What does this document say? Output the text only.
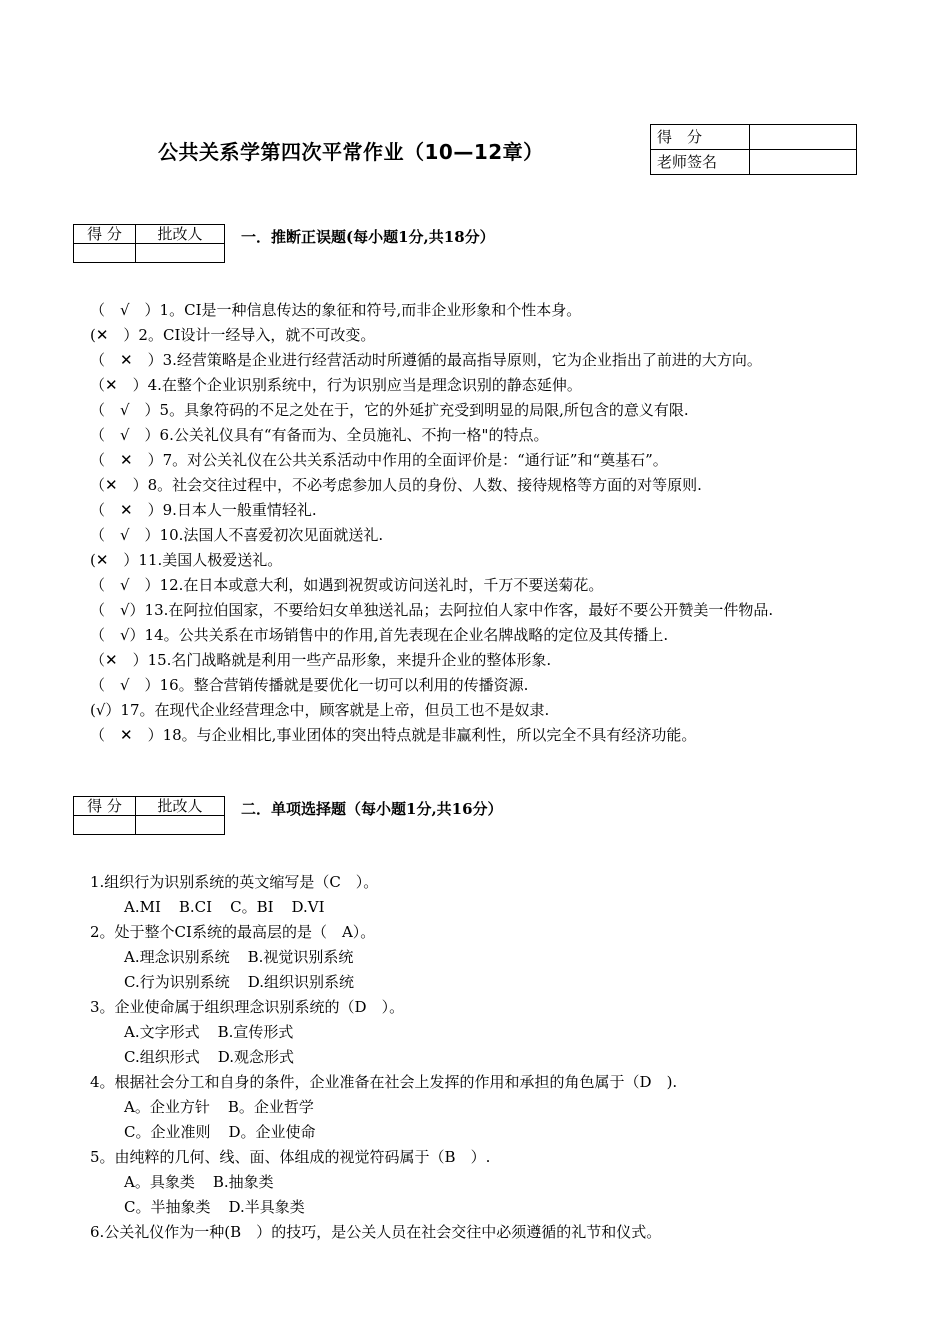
公共关系学第四次平常作业（10—12章）
得　分	
老师签名	
得 分	批改人
		一．推断正误题(每小题1分,共18分）
（　√　）1。CI是一种信息传达的象征和符号,而非企业形象和个性本身。
(✕　）2。CI设计一经导入，就不可改变。
（　✕　）3.经营策略是企业进行经营活动时所遵循的最高指导原则，它为企业指出了前进的大方向。
（✕　）4.在整个企业识别系统中，行为识别应当是理念识别的静态延伸。
（　√　）5。具象符码的不足之处在于，它的外延扩充受到明显的局限,所包含的意义有限.
（　√　）6.公关礼仪具有“有备而为、全员施礼、不拘一格"的特点。
（　✕　）7。对公关礼仪在公共关系活动中作用的全面评价是：“通行证”和“奠基石”。
（✕　）8。社会交往过程中，不必考虑参加人员的身份、人数、接待规格等方面的对等原则.
（　✕　）9.日本人一般重情轻礼.
（　√　）10.法国人不喜爱初次见面就送礼.
(✕　）11.美国人极爱送礼。
（　√　）12.在日本或意大利，如遇到祝贺或访问送礼时，千万不要送菊花。
（　√）13.在阿拉伯国家，不要给妇女单独送礼品；去阿拉伯人家中作客，最好不要公开赞美一件物品.
（　√）14。公共关系在市场销售中的作用,首先表现在企业名牌战略的定位及其传播上.
（✕　）15.名门战略就是利用一些产品形象，来提升企业的整体形象.
（　√　）16。整合营销传播就是要优化一切可以利用的传播资源.
(√）17。在现代企业经营理念中，顾客就是上帝，但员工也不是奴隶.
（　✕　）18。与企业相比,事业团体的突出特点就是非赢利性，所以完全不具有经济功能。
得 分	批改人
		二．单项选择题（每小题1分,共16分）
1.组织行为识别系统的英文缩写是（C　）。
A.MI B.CI C。BI D.VI
2。处于整个CI系统的最高层的是（　A）。
A.理念识别系统 B.视觉识别系统
C.行为识别系统 D.组织识别系统
3。企业使命属于组织理念识别系统的（D　）。
A.文字形式 B.宣传形式
C.组织形式 D.观念形式
4。根据社会分工和自身的条件，企业准备在社会上发挥的作用和承担的角色属于（D　).
A。企业方针 B。企业哲学
C。企业准则 D。企业使命
5。由纯粹的几何、线、面、体组成的视觉符码属于（B　）.
A。具象类 B.抽象类
C。半抽象类 D.半具象类
6.公关礼仪作为一种(B　）的技巧，是公关人员在社会交往中必须遵循的礼节和仪式。
